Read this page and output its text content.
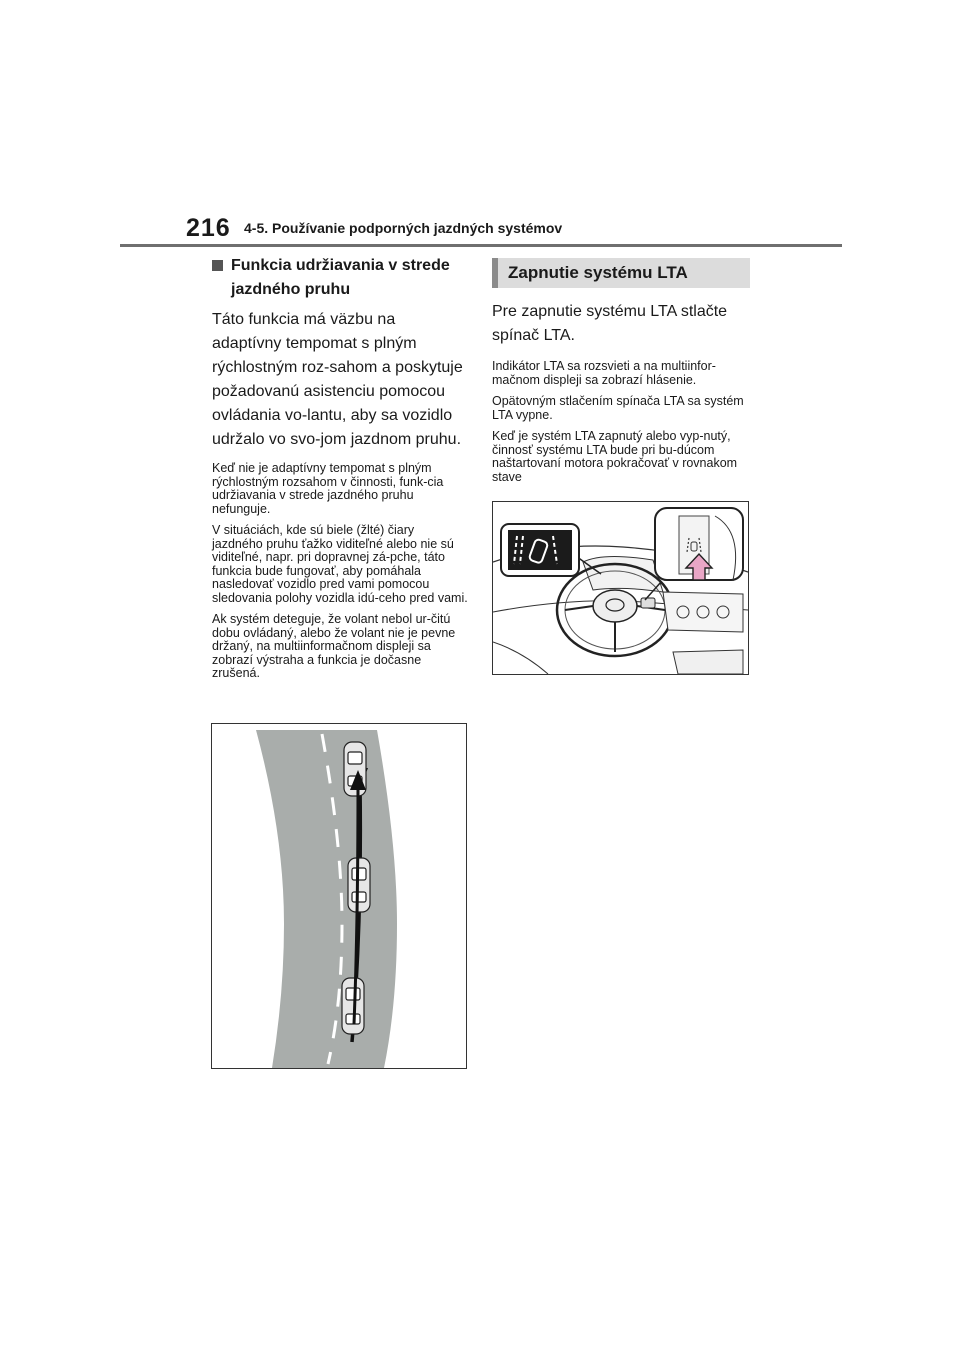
216 4-5. Používanie podporných jazdných systémov
Funkcia udržiavania v strede jazdného pruhu

Táto funkcia má väzbu na adaptívny tempomat s plným rýchlostným roz-sahom a poskytuje požadovanú asistenciu pomocou ovládania vo-lantu, aby sa vozidlo udržalo vo svo-jom jazdnom pruhu.

Keď nie je adaptívny tempomat s plným rýchlostným rozsahom v činnosti, funk-cia udržiavania v strede jazdného pruhu nefunguje.

V situáciách, kde sú biele (žlté) čiary jazdného pruhu ťažko viditeľné alebo nie sú viditeľné, napr. pri dopravnej zá-pche, táto funkcia bude fungovať, aby pomáhala nasledovať vozidlo pred vami pomocou sledovania polohy vozidla idú-ceho pred vami.

Ak systém deteguje, že volant nebol ur-čitú dobu ovládaný, alebo že volant nie je pevne držaný, na multiinformačnom displeji sa zobrazí výstraha a funkcia je dočasne zrušená.

Zapnutie systému LTA

Pre zapnutie systému LTA stlačte spínač LTA.

Indikátor LTA sa rozsvieti a na multiinfor-mačnom displeji sa zobrazí hlásenie.

Opätovným stlačením spínača LTA sa systém LTA vypne.

Keď je systém LTA zapnutý alebo vyp-nutý, činnosť systému LTA bude pri bu-dúcom naštartovaní motora pokračovať v rovnakom stave
